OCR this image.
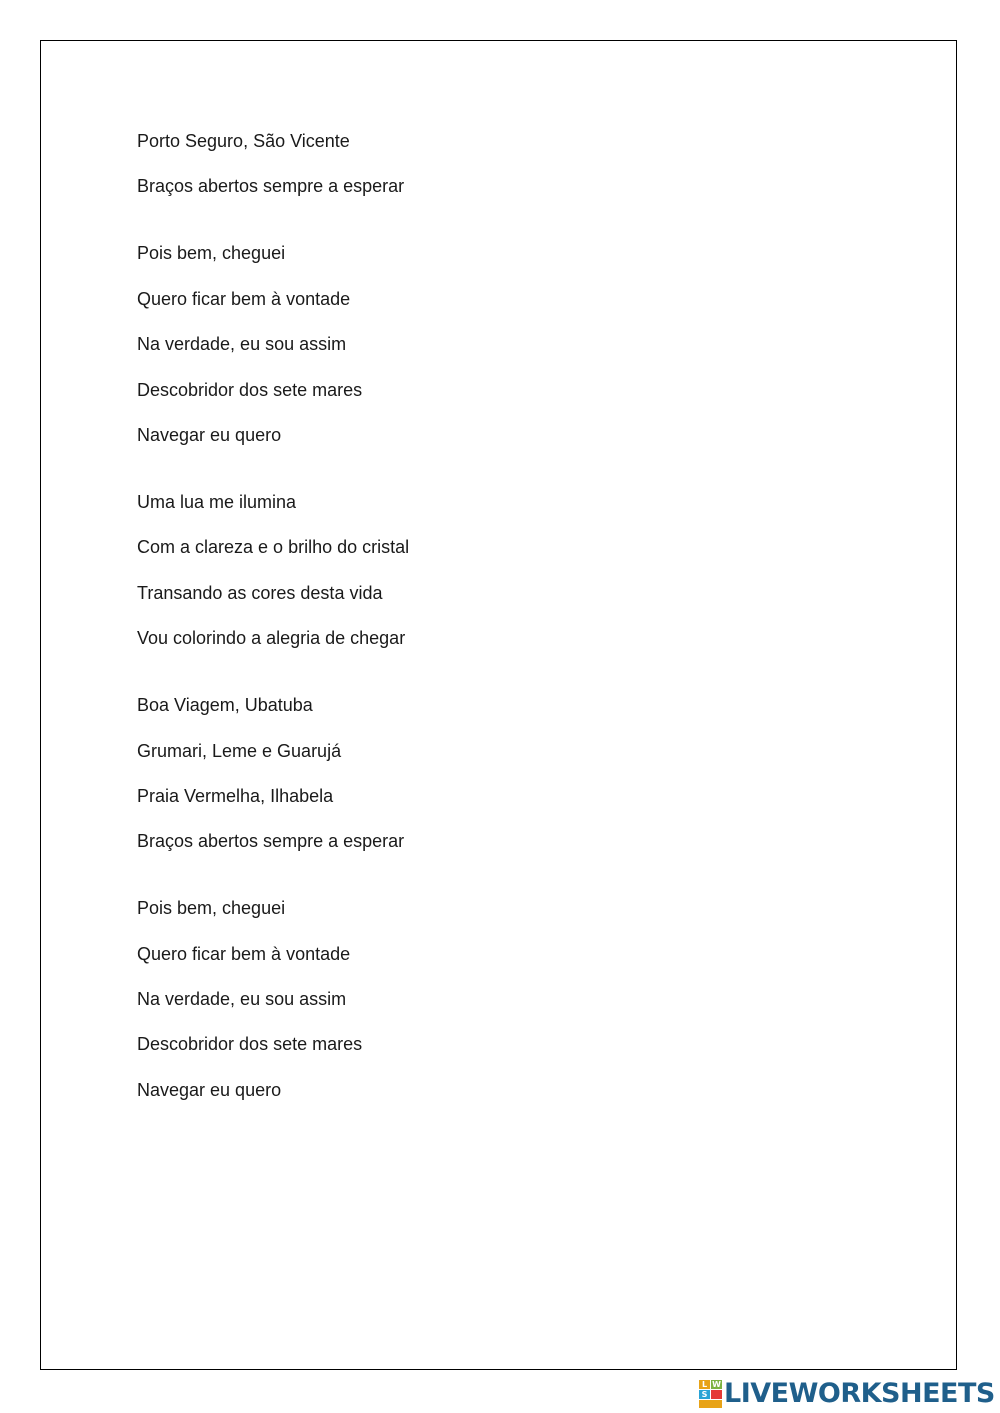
Porto Seguro, São Vicente
Braços abertos sempre a esperar
Pois bem, cheguei
Quero ficar bem à vontade
Na verdade, eu sou assim
Descobridor dos sete mares
Navegar eu quero
Uma lua me ilumina
Com a clareza e o brilho do cristal
Transando as cores desta vida
Vou colorindo a alegria de chegar
Boa Viagem, Ubatuba
Grumari, Leme e Guarujá
Praia Vermelha, Ilhabela
Braços abertos sempre a esperar
Pois bem, cheguei
Quero ficar bem à vontade
Na verdade, eu sou assim
Descobridor dos sete mares
Navegar eu quero
L W
S LIVEWORKSHEETS
